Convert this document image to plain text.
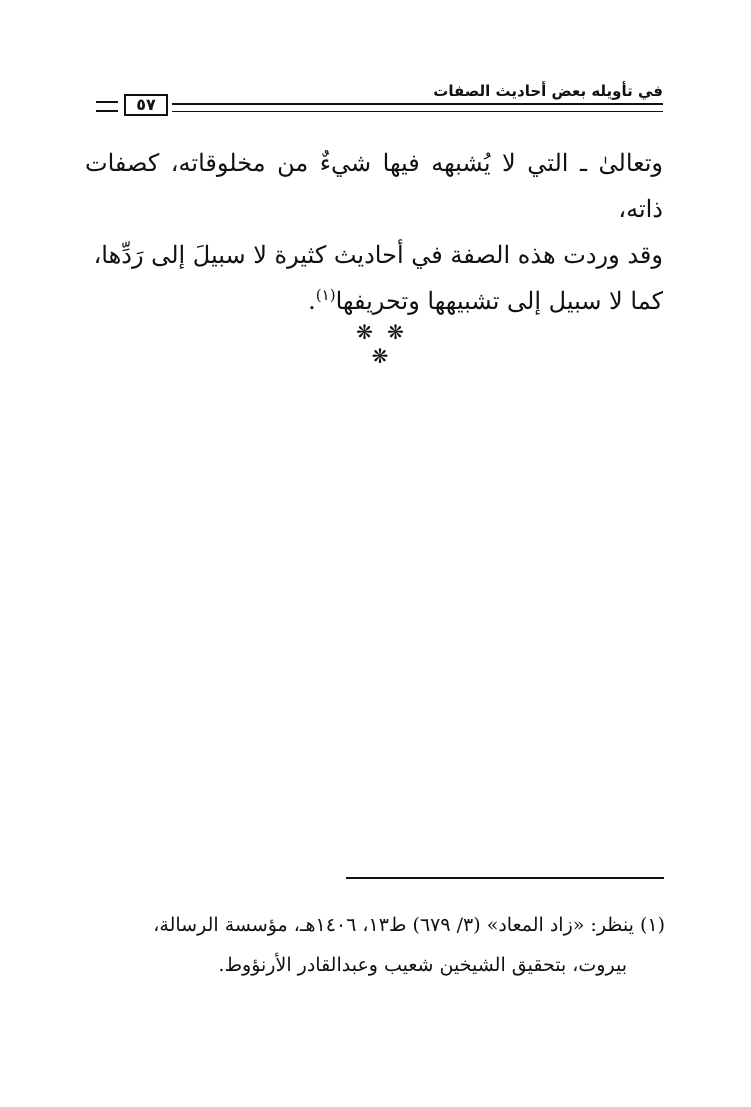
في تأويله بعض أحاديث الصفات
٥٧

وتعالىٰ ـ التي لا يُشبهه فيها شيءٌ من مخلوقاته، كصفات ذاته،

وقد وردت هذه الصفة في أحاديث كثيرة لا سبيلَ إلى رَدِّها،

كما لا سبيل إلى تشبيهها وتحريفها$^{(١)}$.

❋ ❋ ❋

(١) ينظر: «زاد المعاد» (٣/ ٦٧٩) ط١٣، ١٤٠٦هـ، مؤسسة الرسالة،

بيروت، بتحقيق الشيخين شعيب وعبدالقادر الأرنؤوط.
